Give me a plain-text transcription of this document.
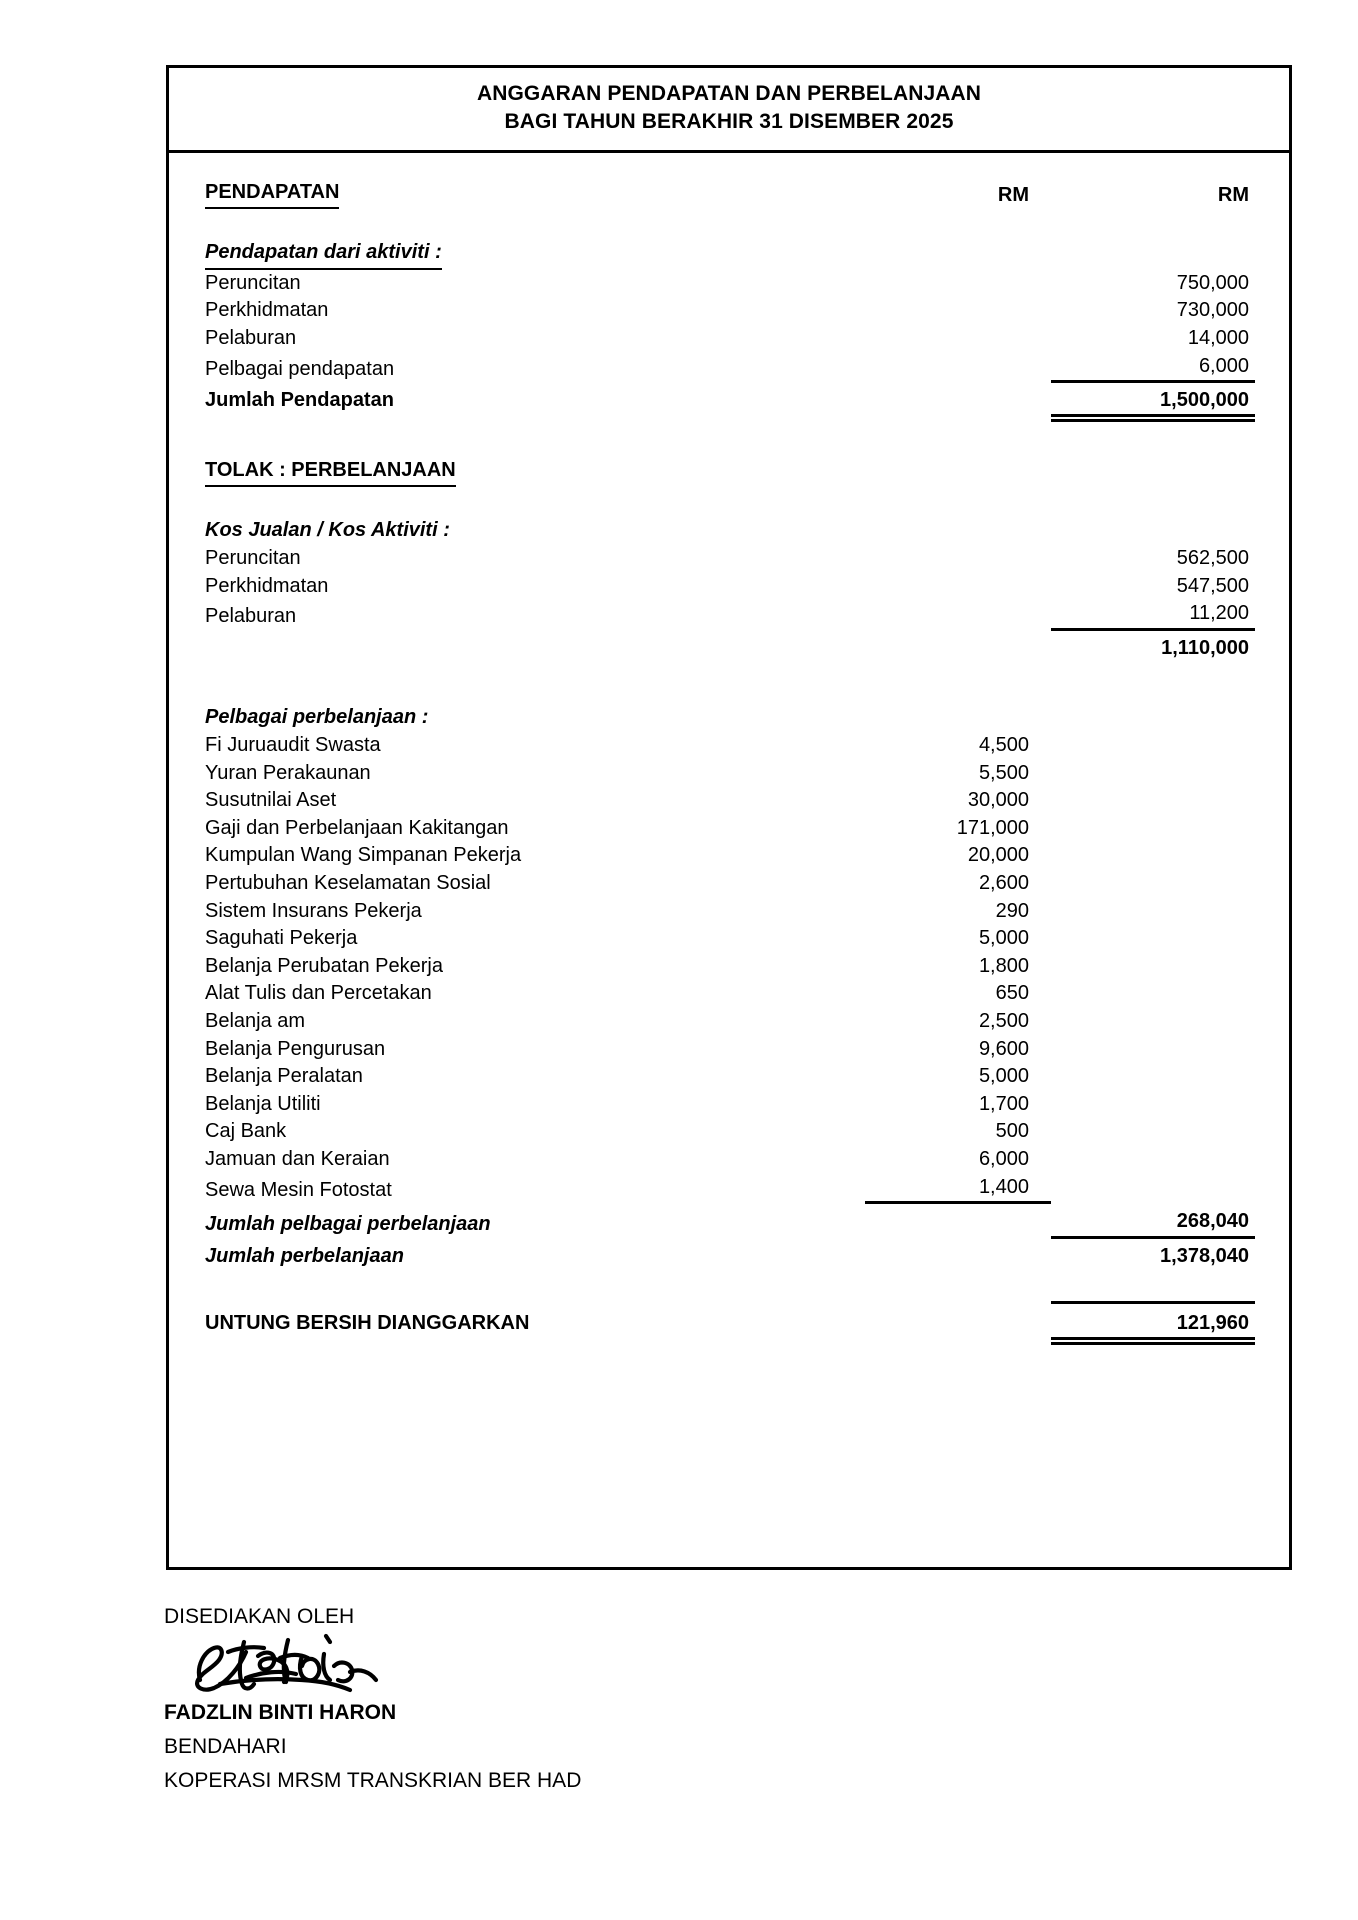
ANGGARAN PENDAPATAN DAN PERBELANJAAN
BAGI TAHUN BERAKHIR 31 DISEMBER 2025
PENDAPATAN	RM	RM
Pendapatan dari aktiviti :
Peruncitan	750,000
Perkhidmatan	730,000
Pelaburan	14,000
Pelbagai pendapatan	6,000
Jumlah Pendapatan	1,500,000
TOLAK : PERBELANJAAN
Kos Jualan / Kos Aktiviti :
Peruncitan	562,500
Perkhidmatan	547,500
Pelaburan	11,200
1,110,000
Pelbagai perbelanjaan :
Fi Juruaudit Swasta	4,500
Yuran Perakaunan	5,500
Susutnilai Aset	30,000
Gaji dan Perbelanjaan Kakitangan	171,000
Kumpulan Wang Simpanan Pekerja	20,000
Pertubuhan Keselamatan Sosial	2,600
Sistem Insurans Pekerja	290
Saguhati Pekerja	5,000
Belanja Perubatan Pekerja	1,800
Alat Tulis dan Percetakan	650
Belanja am	2,500
Belanja Pengurusan	9,600
Belanja Peralatan	5,000
Belanja Utiliti	1,700
Caj Bank	500
Jamuan dan Keraian	6,000
Sewa Mesin Fotostat	1,400
Jumlah pelbagai perbelanjaan	268,040
Jumlah perbelanjaan	1,378,040
UNTUNG BERSIH DIANGGARKAN	121,960
DISEDIAKAN OLEH
FADZLIN BINTI HARON
BENDAHARI
KOPERASI MRSM TRANSKRIAN BER HAD
